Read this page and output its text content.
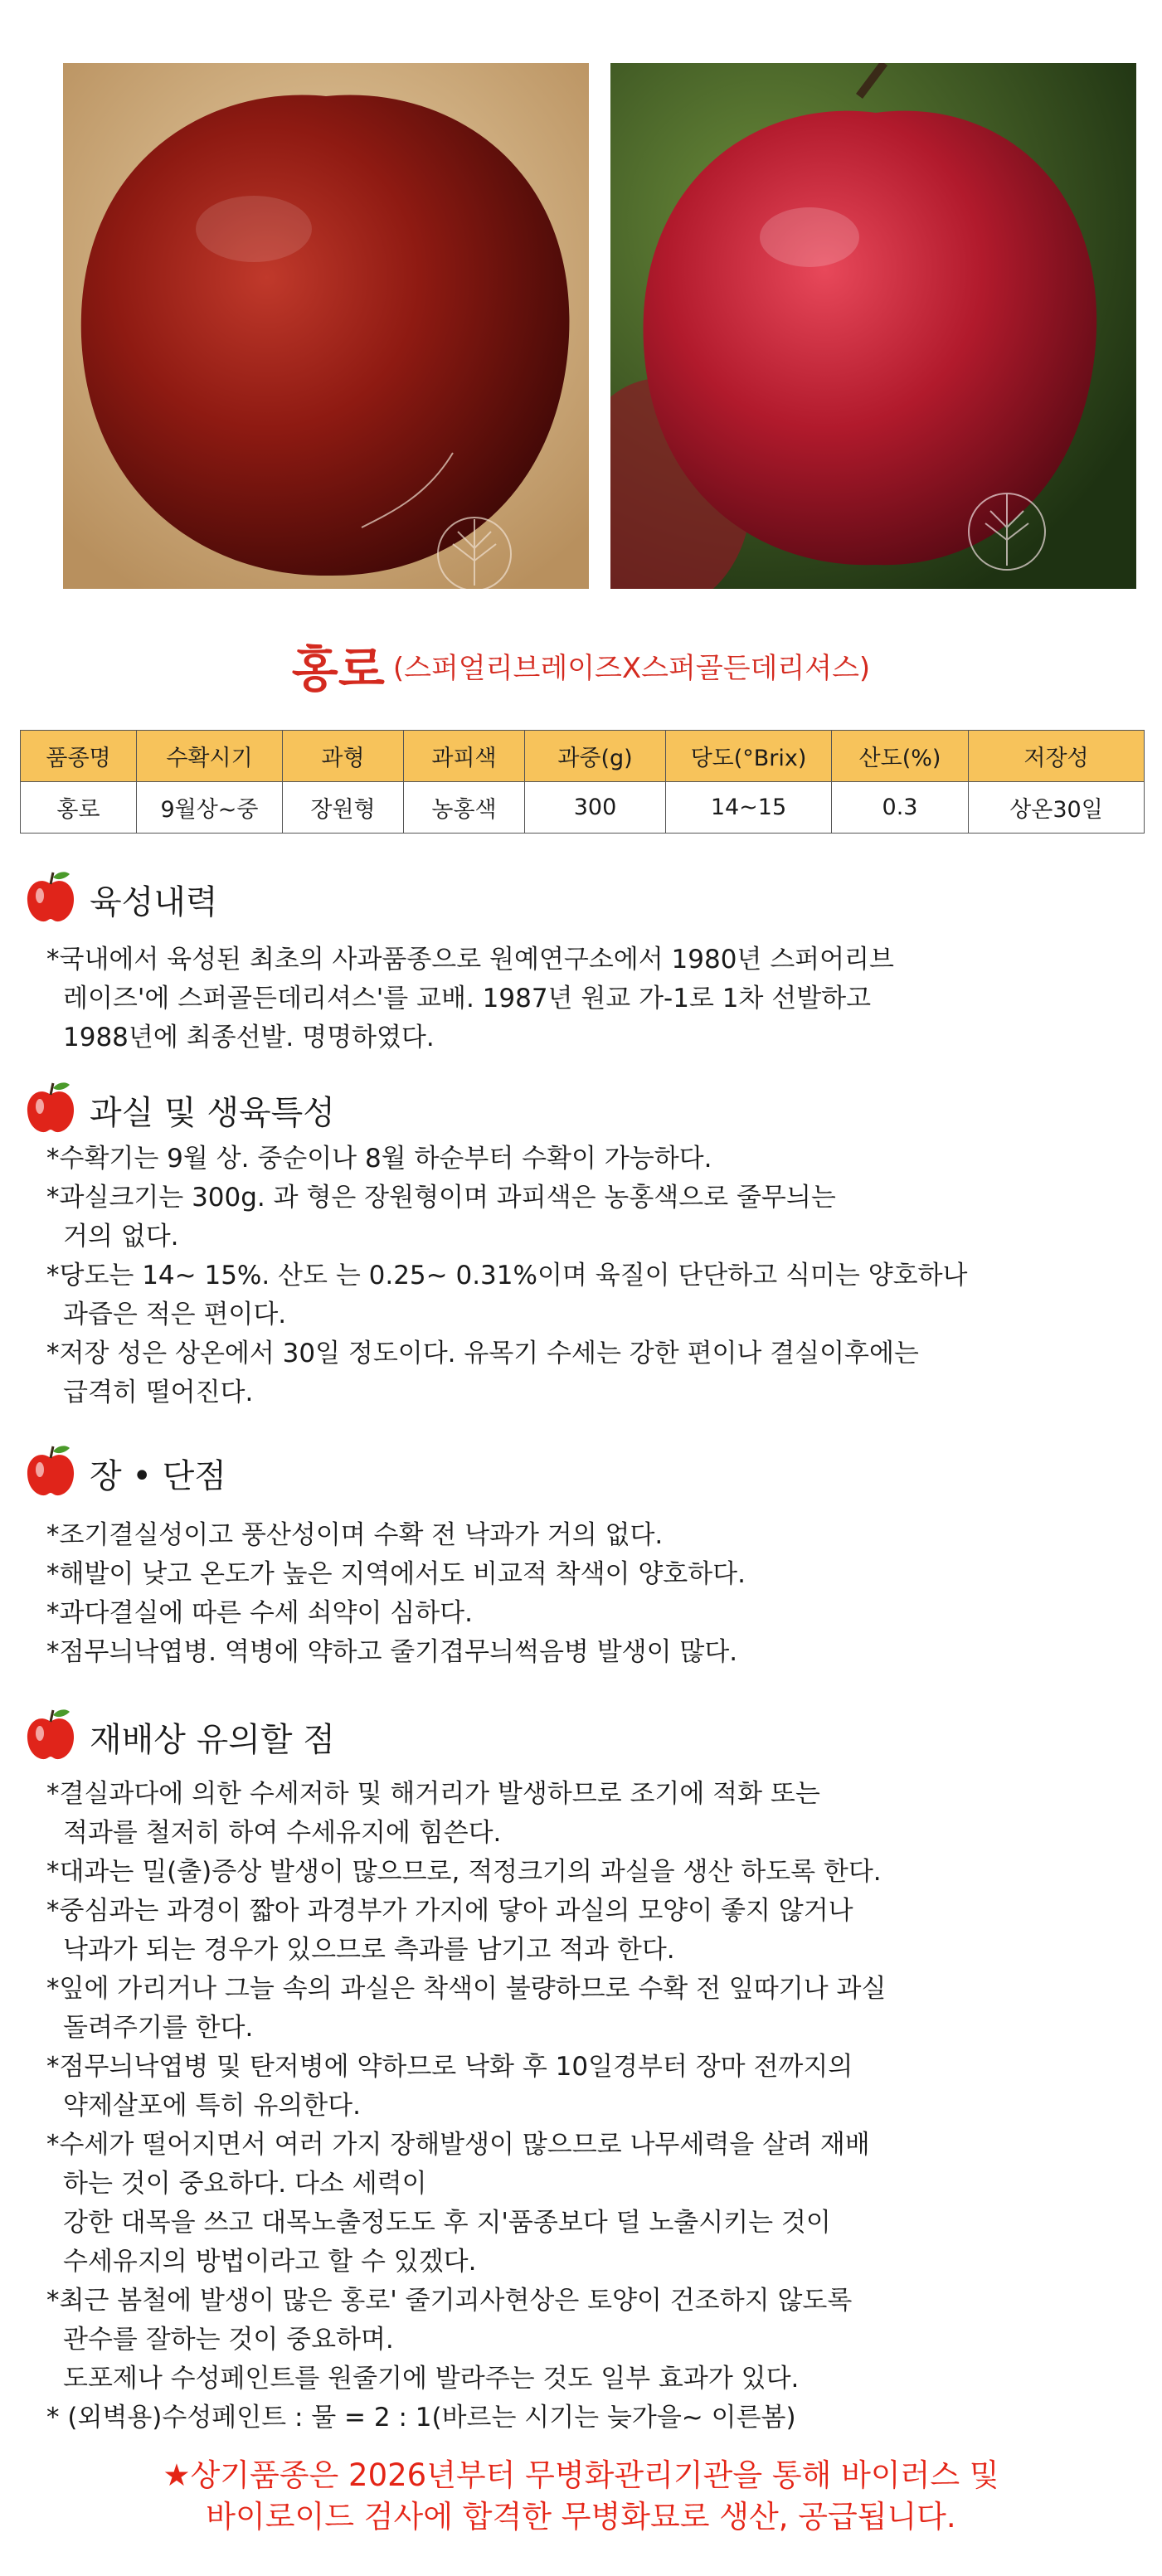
홍로 (스퍼얼리브레이즈X스퍼골든데리셔스)
품종명	수확시기	과형	과피색	과중(g)	당도(°Brix)	산도(%)	저장성
홍로	9월상~중	장원형	농홍색	300	14~15	0.3	상온30일
육성내력
*국내에서 육성된 최초의 사과품종으로 원예연구소에서 1980년 스퍼어리브
레이즈'에 스퍼골든데리셔스'를 교배. 1987년 원교 가-1로 1차 선발하고
1988년에 최종선발. 명명하였다.
과실 및 생육특성
*수확기는 9월 상. 중순이나 8월 하순부터 수확이 가능하다.
*과실크기는 300g. 과 형은 장원형이며 과피색은 농홍색으로 줄무늬는
거의 없다.
*당도는 14~ 15%. 산도 는 0.25~ 0.31%이며 육질이 단단하고 식미는 양호하나
과즙은 적은 편이다.
*저장 성은 상온에서 30일 정도이다. 유목기 수세는 강한 편이나 결실이후에는
급격히 떨어진다.
장 • 단점
*조기결실성이고 풍산성이며 수확 전 낙과가 거의 없다.
*해발이 낮고 온도가 높은 지역에서도 비교적 착색이 양호하다.
*과다결실에 따른 수세 쇠약이 심하다.
*점무늬낙엽병. 역병에 약하고 줄기겹무늬썩음병 발생이 많다.
재배상 유의할 점
*결실과다에 의한 수세저하 및 해거리가 발생하므로 조기에 적화 또는
적과를 철저히 하여 수세유지에 힘쓴다.
*대과는 밀(출)증상 발생이 많으므로, 적정크기의 과실을 생산 하도록 한다.
*중심과는 과경이 짧아 과경부가 가지에 닿아 과실의 모양이 좋지 않거나
낙과가 되는 경우가 있으므로 측과를 남기고 적과 한다.
*잎에 가리거나 그늘 속의 과실은 착색이 불량하므로 수확 전 잎따기나 과실
돌려주기를 한다.
*점무늬낙엽병 및 탄저병에 약하므로 낙화 후 10일경부터 장마 전까지의
약제살포에 특히 유의한다.
*수세가 떨어지면서 여러 가지 장해발생이 많으므로 나무세력을 살려 재배
하는 것이 중요하다. 다소 세력이
강한 대목을 쓰고 대목노출정도도 후 지'품종보다 덜 노출시키는 것이
수세유지의 방법이라고 할 수 있겠다.
*최근 봄철에 발생이 많은 홍로' 줄기괴사현상은 토양이 건조하지 않도록
관수를 잘하는 것이 중요하며.
도포제나 수성페인트를 원줄기에 발라주는 것도 일부 효과가 있다.
* (외벽용)수성페인트 : 물 = 2 : 1(바르는 시기는 늦가을~ 이른봄)
★상기품종은 2026년부터 무병화관리기관을 통해 바이러스 및
바이로이드 검사에 합격한 무병화묘로 생산, 공급됩니다.
